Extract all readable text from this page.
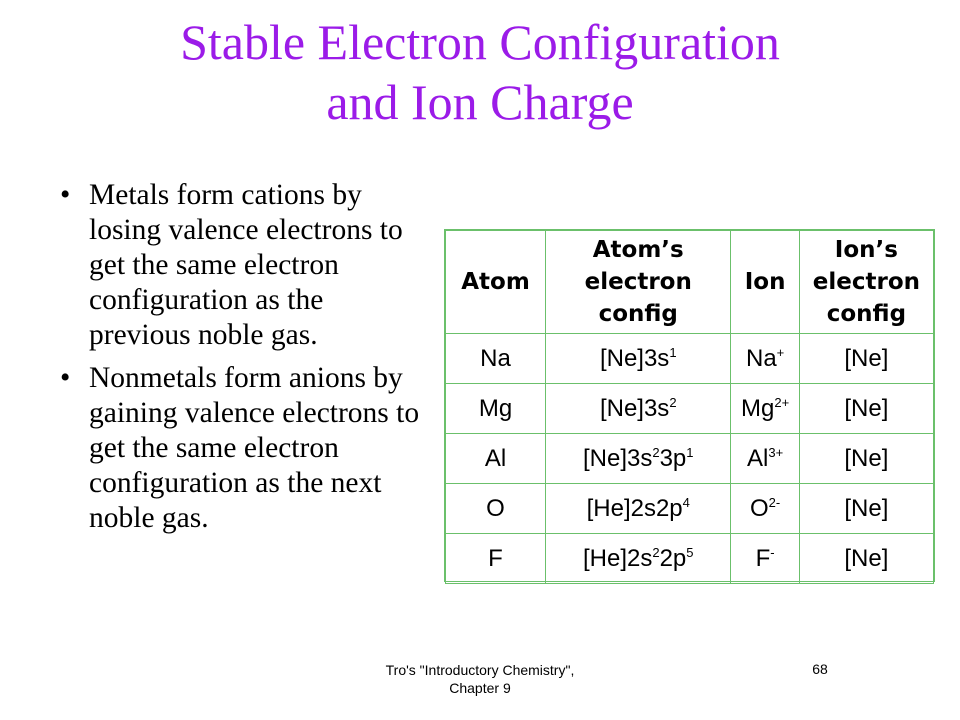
Stable Electron Configuration
and Ion Charge
• Metals form cations by losing valence electrons to get the same electron configuration as the previous noble gas.
• Nonmetals form anions by gaining valence electrons to get the same electron configuration as the next noble gas.
Atom	Atom’s electron config	Ion	Ion’s electron config
Na	$[Ne]3s^1$	Na+	[Ne]
Mg	$[Ne]3s^2$	$Mg^{2+}$	[Ne]
Al	$[Ne]3s^23p^1$	$Al^{3+}$	[Ne]
O	$[He]2s2p^4$	$O^{2-}$	[Ne]
F	$[He]2s^22p^5$	F-	[Ne]
Tro's "Introductory Chemistry", Chapter 9
68
